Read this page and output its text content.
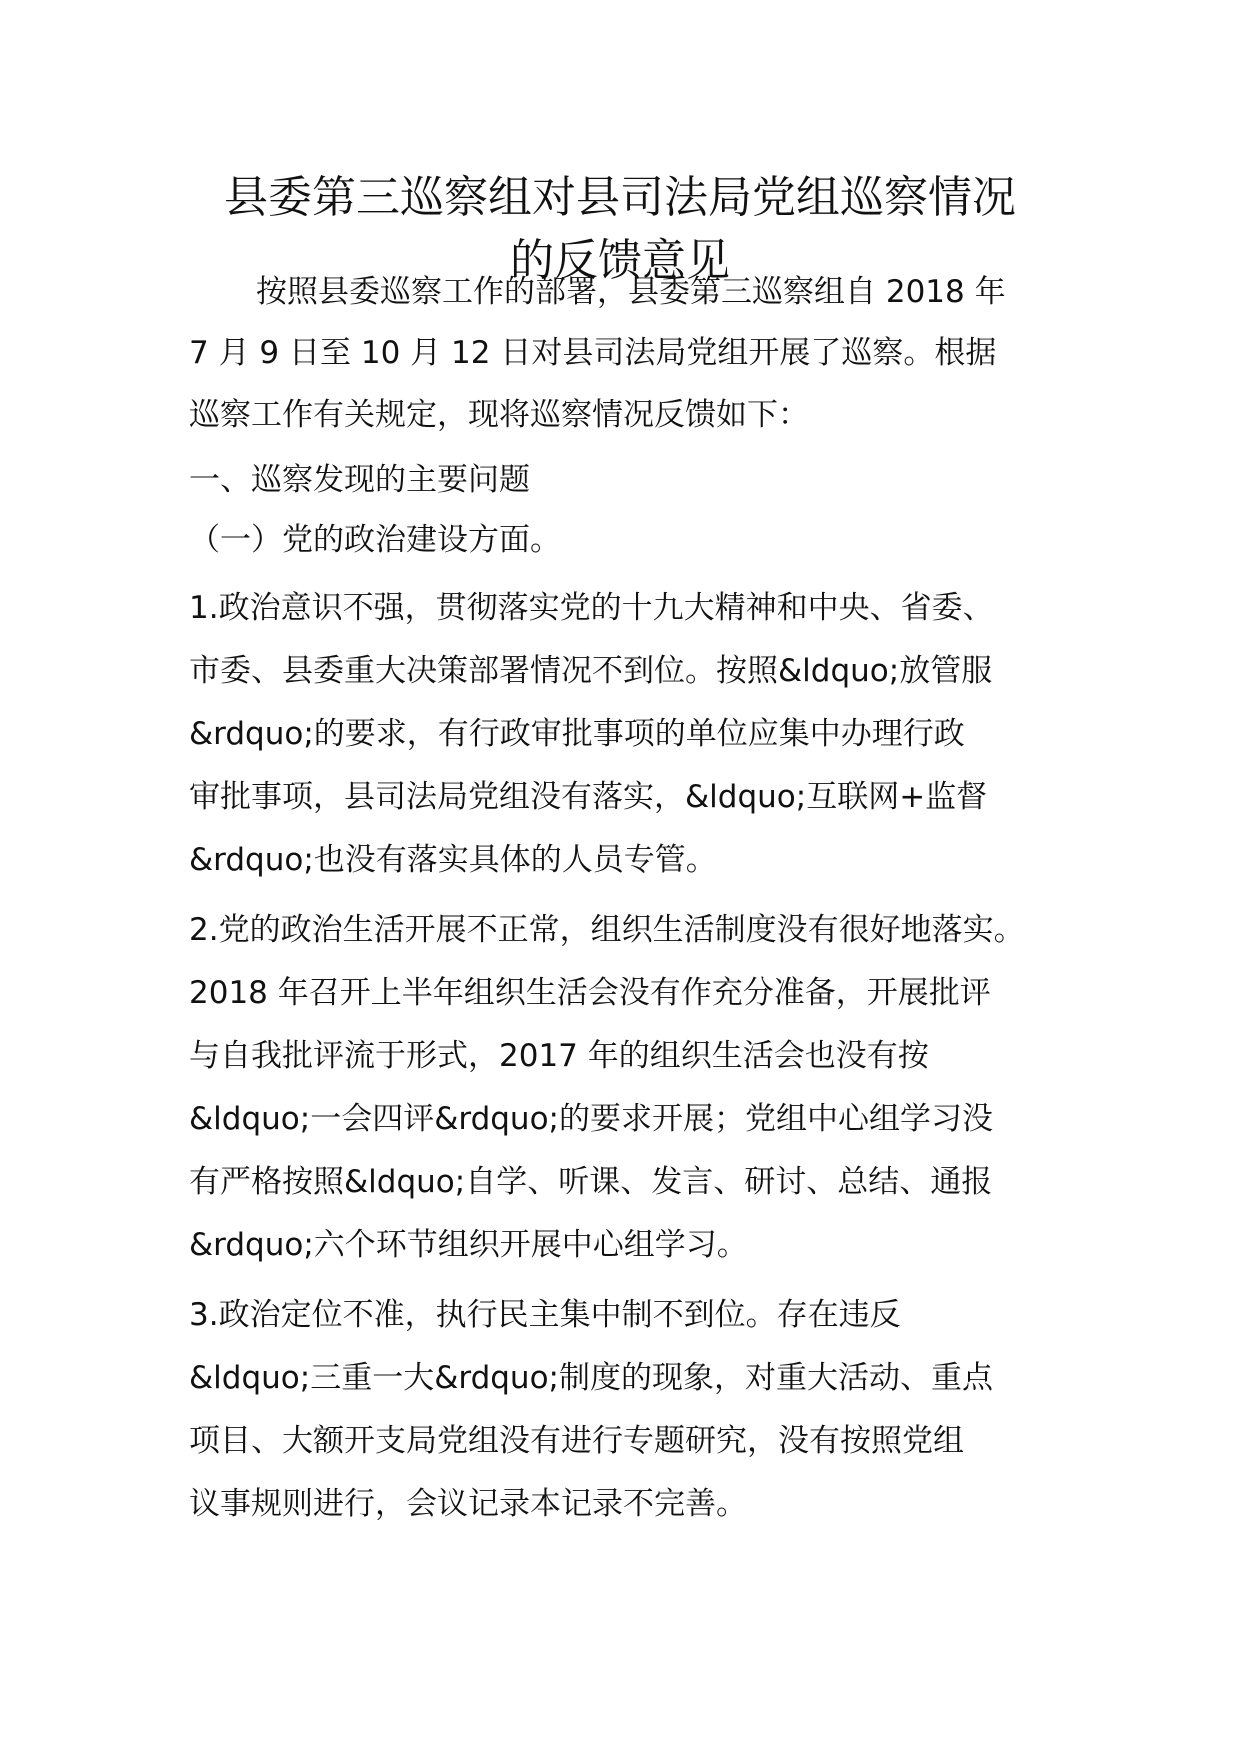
县委第三巡察组对县司法局党组巡察情况
的反馈意见
按照县委巡察工作的部署，县委第三巡察组自 2018 年
7 月 9 日至 10 月 12 日对县司法局党组开展了巡察。根据
巡察工作有关规定，现将巡察情况反馈如下：
一、巡察发现的主要问题
（一）党的政治建设方面。
1.政治意识不强，贯彻落实党的十九大精神和中央、省委、
市委、县委重大决策部署情况不到位。按照&ldquo;放管服
&rdquo;的要求，有行政审批事项的单位应集中办理行政
审批事项，县司法局党组没有落实，&ldquo;互联网+监督
&rdquo;也没有落实具体的人员专管。
2.党的政治生活开展不正常，组织生活制度没有很好地落实。
2018 年召开上半年组织生活会没有作充分准备，开展批评
与自我批评流于形式，2017 年的组织生活会也没有按
&ldquo;一会四评&rdquo;的要求开展；党组中心组学习没
有严格按照&ldquo;自学、听课、发言、研讨、总结、通报
&rdquo;六个环节组织开展中心组学习。
3.政治定位不准，执行民主集中制不到位。存在违反
&ldquo;三重一大&rdquo;制度的现象，对重大活动、重点
项目、大额开支局党组没有进行专题研究，没有按照党组
议事规则进行，会议记录本记录不完善。
